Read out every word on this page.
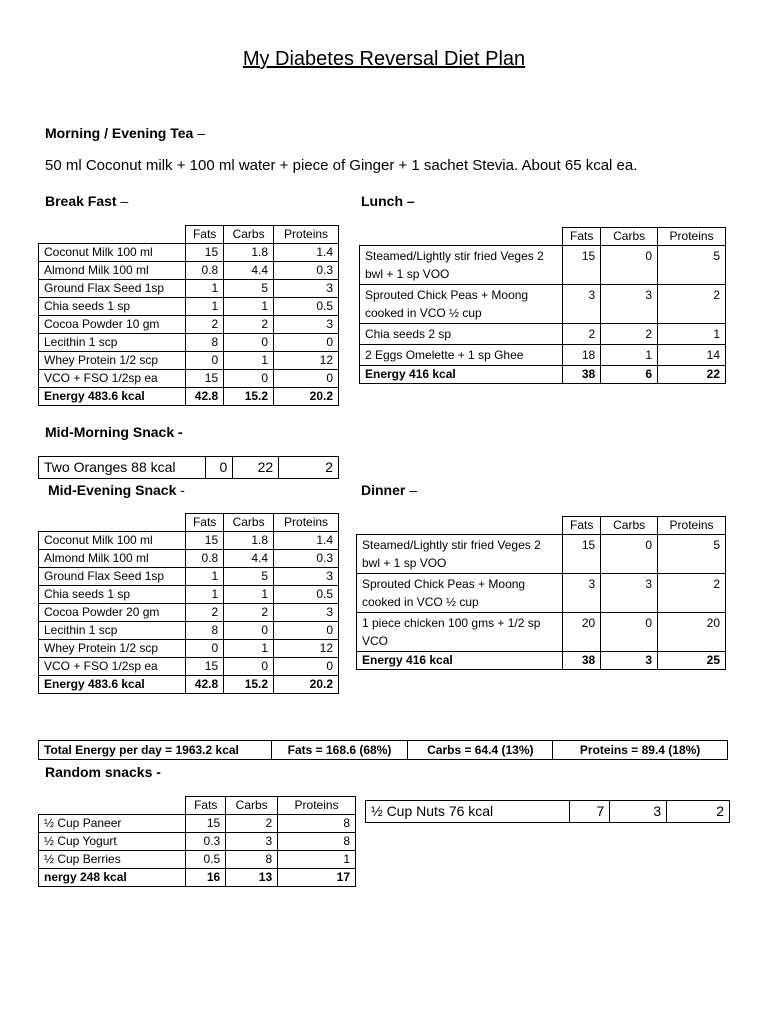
My Diabetes Reversal Diet Plan
Morning / Evening Tea –
50 ml Coconut milk + 100 ml water + piece of Ginger + 1 sachet Stevia. About 65 kcal ea.
Break Fast –
	Fats	Carbs	Proteins
Coconut Milk 100 ml	15	1.8	1.4
Almond Milk 100 ml	0.8	4.4	0.3
Ground Flax Seed 1sp	1	5	3
Chia seeds 1 sp	1	1	0.5
Cocoa Powder 10 gm	2	2	3
Lecithin 1 scp	8	0	0
Whey Protein 1/2 scp	0	1	12
VCO + FSO 1/2sp ea	15	0	0
Energy 483.6 kcal	42.8	15.2	20.2
Lunch –
	Fats	Carbs	Proteins
Steamed/Lightly stir fried Veges 2 bwl + 1 sp VOO	15	0	5
Sprouted Chick Peas + Moong cooked in VCO ½ cup	3	3	2
Chia seeds 2 sp	2	2	1
2 Eggs Omelette + 1 sp Ghee	18	1	14
Energy 416 kcal	38	6	22
Mid-Morning Snack -
Two Oranges 88 kcal	0	22	2
Mid-Evening Snack -
	Fats	Carbs	Proteins
Coconut Milk 100 ml	15	1.8	1.4
Almond Milk 100 ml	0.8	4.4	0.3
Ground Flax Seed 1sp	1	5	3
Chia seeds 1 sp	1	1	0.5
Cocoa Powder 20 gm	2	2	3
Lecithin 1 scp	8	0	0
Whey Protein 1/2 scp	0	1	12
VCO + FSO 1/2sp ea	15	0	0
Energy 483.6 kcal	42.8	15.2	20.2
Dinner –
	Fats	Carbs	Proteins
Steamed/Lightly stir fried Veges 2 bwl + 1 sp VOO	15	0	5
Sprouted Chick Peas + Moong cooked in VCO ½ cup	3	3	2
1 piece chicken 100 gms + 1/2 sp VCO	20	0	20
Energy 416 kcal	38	3	25
Total Energy per day = 1963.2 kcal	Fats = 168.6 (68%)	Carbs = 64.4 (13%)	Proteins = 89.4 (18%)
Random snacks -
	Fats	Carbs	Proteins
½ Cup Paneer	15	2	8
½ Cup Yogurt	0.3	3	8
½ Cup Berries	0.5	8	1
nergy 248 kcal	16	13	17
½ Cup Nuts 76 kcal	7	3	2
